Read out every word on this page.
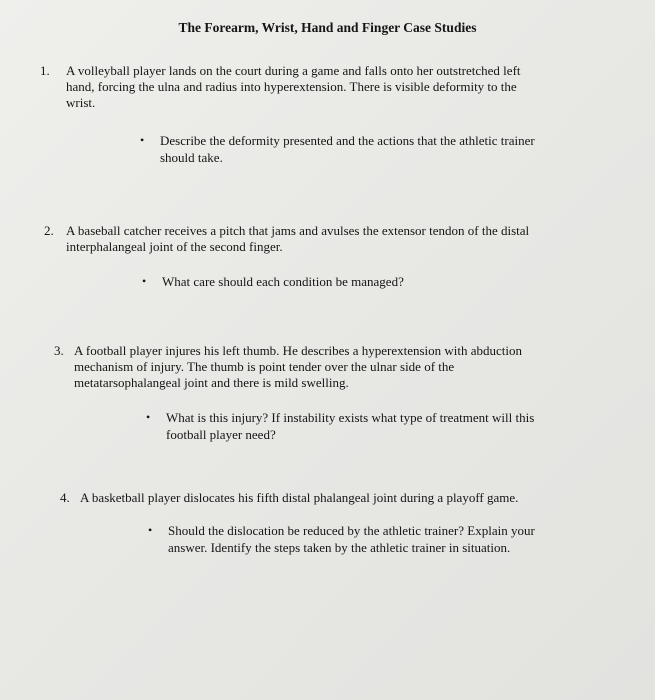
The Forearm, Wrist, Hand and Finger Case Studies
1. A volleyball player lands on the court during a game and falls onto her outstretched left
hand, forcing the ulna and radius into hyperextension. There is visible deformity to the
wrist.
• Describe the deformity presented and the actions that the athletic trainer
should take.
2. A baseball catcher receives a pitch that jams and avulses the extensor tendon of the distal
interphalangeal joint of the second finger.
• What care should each condition be managed?
3. A football player injures his left thumb. He describes a hyperextension with abduction
mechanism of injury. The thumb is point tender over the ulnar side of the
metatarsophalangeal joint and there is mild swelling.
• What is this injury? If instability exists what type of treatment will this
football player need?
4. A basketball player dislocates his fifth distal phalangeal joint during a playoff game.
• Should the dislocation be reduced by the athletic trainer? Explain your
answer. Identify the steps taken by the athletic trainer in situation.
